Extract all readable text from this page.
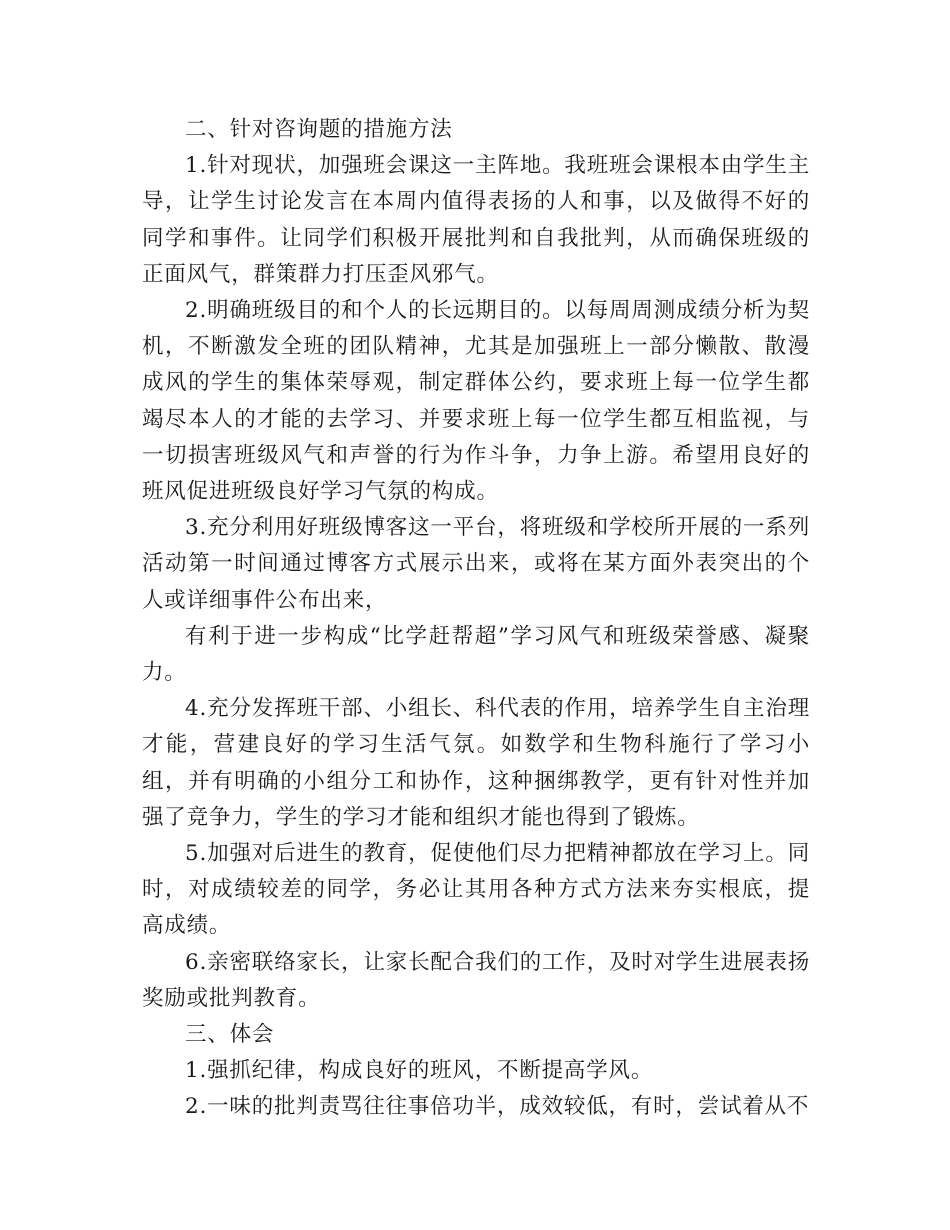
二、针对咨询题的措施方法

1.针对现状，加强班会课这一主阵地。我班班会课根本由学生主导，让学生讨论发言在本周内值得表扬的人和事，以及做得不好的同学和事件。让同学们积极开展批判和自我批判，从而确保班级的正面风气，群策群力打压歪风邪气。

2.明确班级目的和个人的长远期目的。以每周周测成绩分析为契机，不断激发全班的团队精神，尤其是加强班上一部分懒散、散漫成风的学生的集体荣辱观，制定群体公约，要求班上每一位学生都竭尽本人的才能的去学习、并要求班上每一位学生都互相监视，与一切损害班级风气和声誉的行为作斗争，力争上游。希望用良好的班风促进班级良好学习气氛的构成。

3.充分利用好班级博客这一平台，将班级和学校所开展的一系列活动第一时间通过博客方式展示出来，或将在某方面外表突出的个人或详细事件公布出来，

有利于进一步构成“比学赶帮超”学习风气和班级荣誉感、凝聚力。

4.充分发挥班干部、小组长、科代表的作用，培养学生自主治理才能，营建良好的学习生活气氛。如数学和生物科施行了学习小组，并有明确的小组分工和协作，这种捆绑教学，更有针对性并加强了竞争力，学生的学习才能和组织才能也得到了锻炼。

5.加强对后进生的教育，促使他们尽力把精神都放在学习上。同时，对成绩较差的同学，务必让其用各种方式方法来夯实根底，提高成绩。

6.亲密联络家长，让家长配合我们的工作，及时对学生进展表扬奖励或批判教育。

三、体会

1.强抓纪律，构成良好的班风，不断提高学风。

2.一味的批判责骂往往事倍功半，成效较低，有时，尝试着从不
